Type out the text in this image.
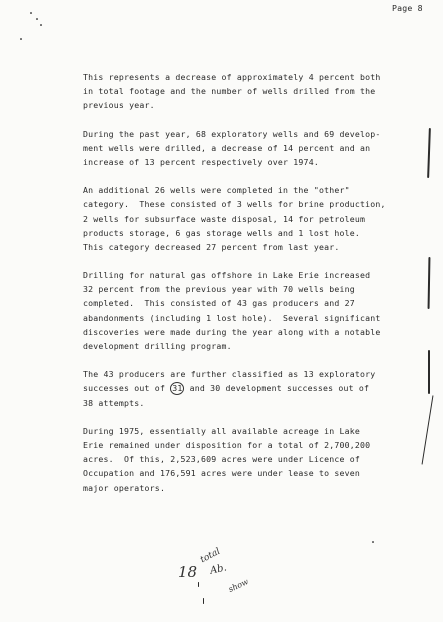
Page 8
This represents a decrease of approximately 4 percent both
in total footage and the number of wells drilled from the
previous year.
During the past year, 68 exploratory wells and 69 develop-
ment wells were drilled, a decrease of 14 percent and an
increase of 13 percent respectively over 1974.
An additional 26 wells were completed in the "other"
category.  These consisted of 3 wells for brine production,
2 wells for subsurface waste disposal, 14 for petroleum
products storage, 6 gas storage wells and 1 lost hole.
This category decreased 27 percent from last year.
Drilling for natural gas offshore in Lake Erie increased
32 percent from the previous year with 70 wells being
completed.  This consisted of 43 gas producers and 27
abandonments (including 1 lost hole).  Several significant
discoveries were made during the year along with a notable
development drilling program.
The 43 producers are further classified as 13 exploratory
successes out of 31 and 30 development successes out of
38 attempts.
During 1975, essentially all available acreage in Lake
Erie remained under disposition for a total of 2,700,200
acres.  Of this, 2,523,609 acres were under Licence of
Occupation and 176,591 acres were under lease to seven
major operators.
18
total
Ab.
show
